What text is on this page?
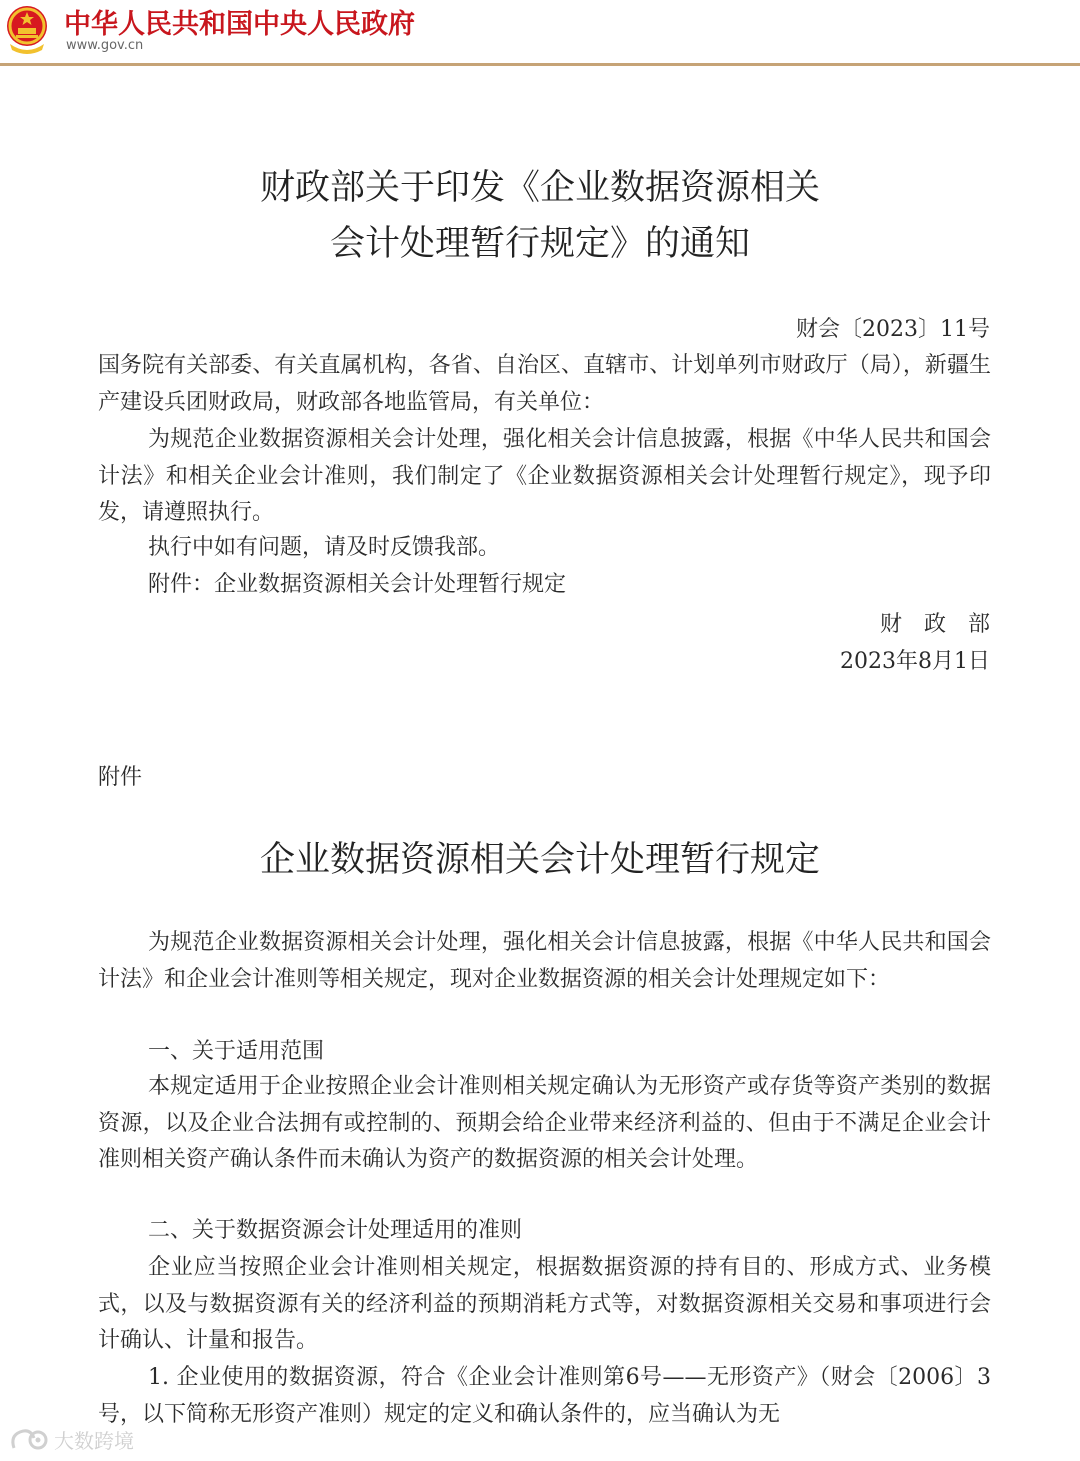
中华人民共和国中央人民政府
www.gov.cn
财政部关于印发《企业数据资源相关
会计处理暂行规定》的通知
财会〔2023〕11号
国务院有关部委、有关直属机构，各省、自治区、直辖市、计划单列市财政厅（局），新疆生产建设兵团财政局，财政部各地监管局，有关单位：
为规范企业数据资源相关会计处理，强化相关会计信息披露，根据《中华人民共和国会计法》和相关企业会计准则，我们制定了《企业数据资源相关会计处理暂行规定》，现予印发，请遵照执行。
执行中如有问题，请及时反馈我部。
附件：企业数据资源相关会计处理暂行规定
财　政　部
2023年8月1日
附件
企业数据资源相关会计处理暂行规定
为规范企业数据资源相关会计处理，强化相关会计信息披露，根据《中华人民共和国会计法》和企业会计准则等相关规定，现对企业数据资源的相关会计处理规定如下：
一、关于适用范围
本规定适用于企业按照企业会计准则相关规定确认为无形资产或存货等资产类别的数据资源，以及企业合法拥有或控制的、预期会给企业带来经济利益的、但由于不满足企业会计准则相关资产确认条件而未确认为资产的数据资源的相关会计处理。
二、关于数据资源会计处理适用的准则
企业应当按照企业会计准则相关规定，根据数据资源的持有目的、形成方式、业务模式，以及与数据资源有关的经济利益的预期消耗方式等，对数据资源相关交易和事项进行会计确认、计量和报告。
1. 企业使用的数据资源，符合《企业会计准则第6号——无形资产》（财会〔2006〕3号，以下简称无形资产准则）规定的定义和确认条件的，应当确认为无
大数跨境
